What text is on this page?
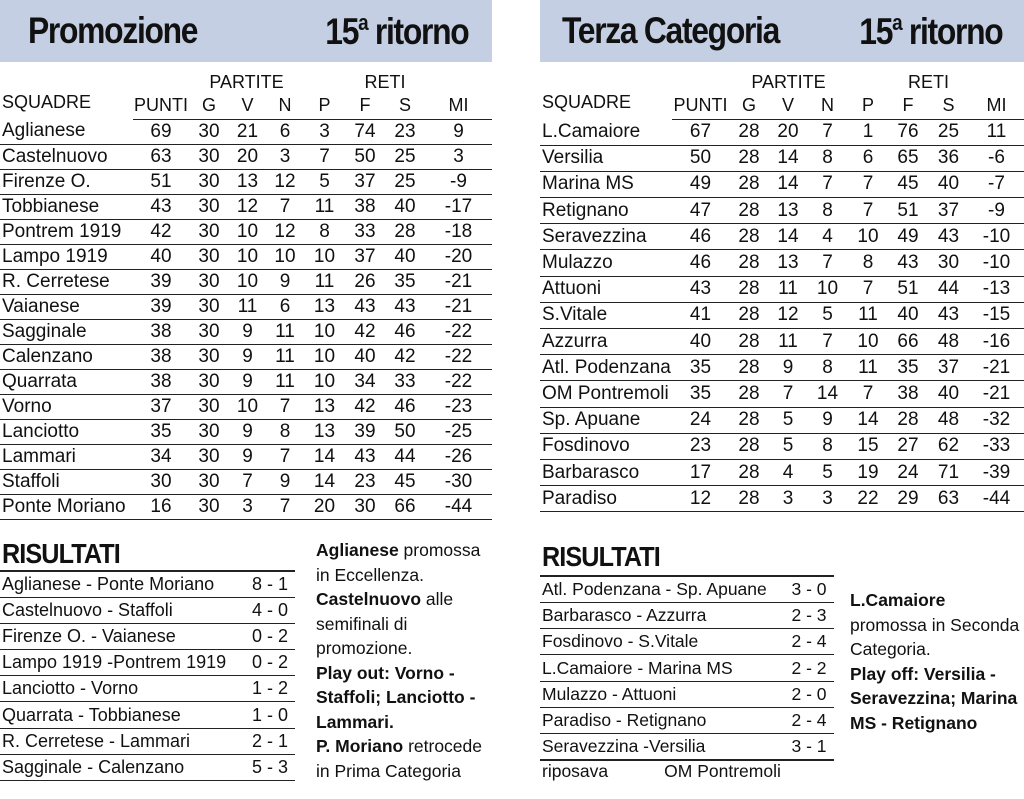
Promozione	15$^a$ ritorno
SQUADRE		PARTITE				RETI		
	PUNTI	G	V	N	P	F	S	MI
Aglianese	69	30	21	6	3	74	23	9
Castelnuovo	63	30	20	3	7	50	25	3
Firenze O.	51	30	13	12	5	37	25	-9
Tobbianese	43	30	12	7	11	38	40	-17
Pontrem 1919	42	30	10	12	8	33	28	-18
Lampo 1919	40	30	10	10	10	37	40	-20
R. Cerretese	39	30	10	9	11	26	35	-21
Vaianese	39	30	11	6	13	43	43	-21
Sagginale	38	30	9	11	10	42	46	-22
Calenzano	38	30	9	11	10	40	42	-22
Quarrata	38	30	9	11	10	34	33	-22
Vorno	37	30	10	7	13	42	46	-23
Lanciotto	35	30	9	8	13	39	50	-25
Lammari	34	30	9	7	14	43	44	-26
Staffoli	30	30	7	9	14	23	45	-30
Ponte Moriano	16	30	3	7	20	30	66	-44
RISULTATI
Aglianese - Ponte Moriano	8 - 1
Castelnuovo - Staffoli	4 - 0
Firenze O. - Vaianese	0 - 2
Lampo 1919 -Pontrem 1919	0 - 2
Lanciotto - Vorno	1 - 2
Quarrata - Tobbianese	1 - 0
R. Cerretese - Lammari	2 - 1
Sagginale - Calenzano	5 - 3
Aglianese promossa in Eccellenza. Castelnuovo alle semifinali di promozione.
Play out: Vorno - Staffoli; Lanciotto - Lammari.
P. Moriano retrocede in Prima Categoria
Terza Categoria 15$^a$ ritorno
SQUADRE		PARTITE				RETI		
	PUNTI	G	V	N	P	F	S	MI
L.Camaiore	67	28	20	7	1	76	25	11
Versilia	50	28	14	8	6	65	36	-6
Marina MS	49	28	14	7	7	45	40	-7
Retignano	47	28	13	8	7	51	37	-9
Seravezzina	46	28	14	4	10	49	43	-10
Mulazzo	46	28	13	7	8	43	30	-10
Attuoni	43	28	11	10	7	51	44	-13
S.Vitale	41	28	12	5	11	40	43	-15
Azzurra	40	28	11	7	10	66	48	-16
Atl. Podenzana	35	28	9	8	11	35	37	-21
OM Pontremoli	35	28	7	14	7	38	40	-21
Sp. Apuane	24	28	5	9	14	28	48	-32
Fosdinovo	23	28	5	8	15	27	62	-33
Barbarasco	17	28	4	5	19	24	71	-39
Paradiso	12	28	3	3	22	29	63	-44
RISULTATI
Atl. Podenzana - Sp. Apuane	3 - 0
Barbarasco - Azzurra	2 - 3
Fosdinovo - S.Vitale	2 - 4
L.Camaiore - Marina MS	2 - 2
Mulazzo - Attuoni	2 - 0
Paradiso - Retignano	2 - 4
Seravezzina -Versilia	3 - 1
riposava OM Pontremoli	
L.Camaiore
promossa in Seconda Categoria.
Play off: Versilia - Seravezzina; Marina MS - Retignano
